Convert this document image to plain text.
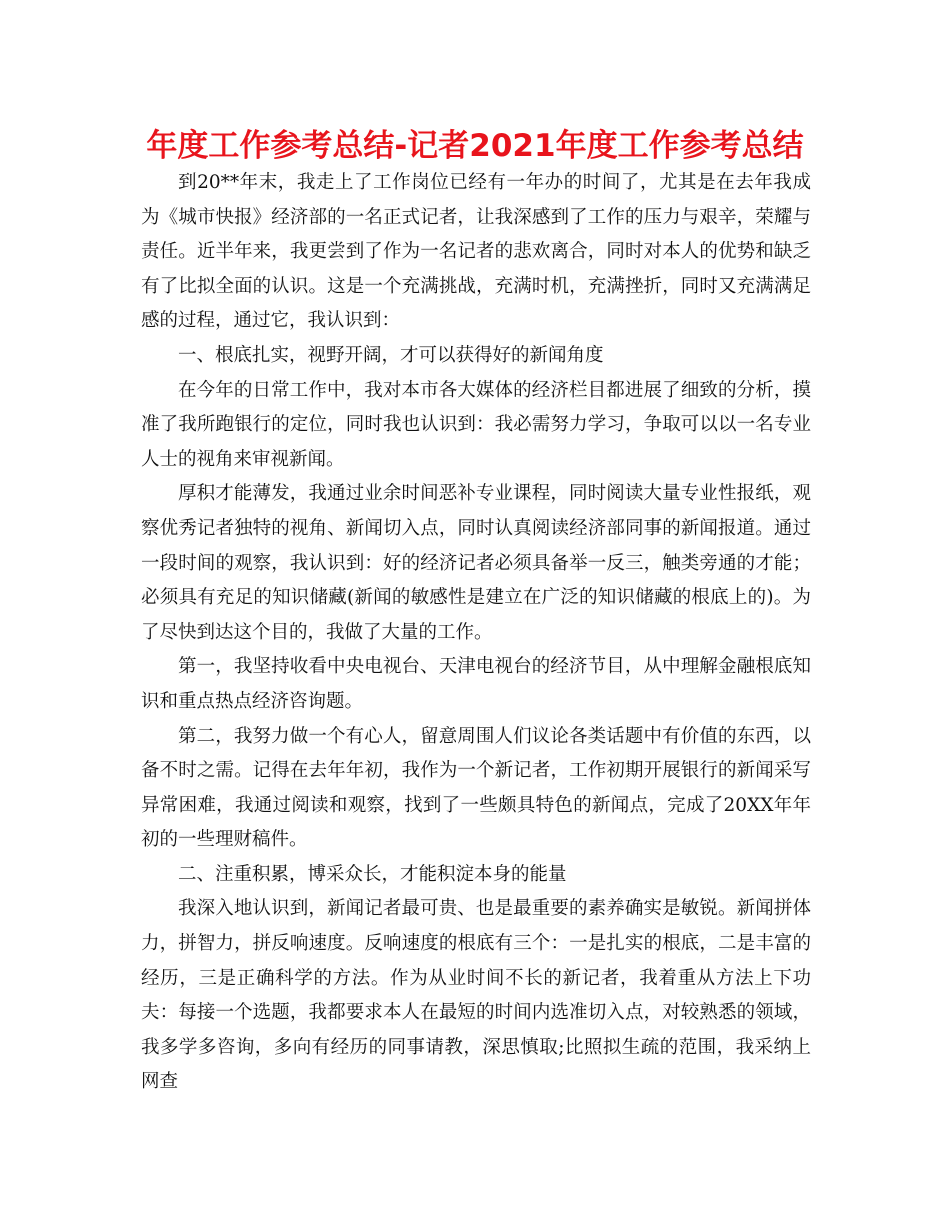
年度工作参考总结-记者2021年度工作参考总结

到20**年末，我走上了工作岗位已经有一年办的时间了，尤其是在去年我成为《城市快报》经济部的一名正式记者，让我深感到了工作的压力与艰辛，荣耀与责任。近半年来，我更尝到了作为一名记者的悲欢离合，同时对本人的优势和缺乏有了比拟全面的认识。这是一个充满挑战，充满时机，充满挫折，同时又充满满足感的过程，通过它，我认识到：

一、根底扎实，视野开阔，才可以获得好的新闻角度

在今年的日常工作中，我对本市各大媒体的经济栏目都进展了细致的分析，摸准了我所跑银行的定位，同时我也认识到：我必需努力学习，争取可以以一名专业人士的视角来审视新闻。

厚积才能薄发，我通过业余时间恶补专业课程，同时阅读大量专业性报纸，观察优秀记者独特的视角、新闻切入点，同时认真阅读经济部同事的新闻报道。通过一段时间的观察，我认识到：好的经济记者必须具备举一反三，触类旁通的才能；必须具有充足的知识储藏(新闻的敏感性是建立在广泛的知识储藏的根底上的)。为了尽快到达这个目的，我做了大量的工作。

第一，我坚持收看中央电视台、天津电视台的经济节目，从中理解金融根底知识和重点热点经济咨询题。

第二，我努力做一个有心人，留意周围人们议论各类话题中有价值的东西，以备不时之需。记得在去年年初，我作为一个新记者，工作初期开展银行的新闻采写异常困难，我通过阅读和观察，找到了一些颇具特色的新闻点，完成了20XX年年初的一些理财稿件。

二、注重积累，博采众长，才能积淀本身的能量

我深入地认识到，新闻记者最可贵、也是最重要的素养确实是敏锐。新闻拼体力，拼智力，拼反响速度。反响速度的根底有三个：一是扎实的根底，二是丰富的经历，三是正确科学的方法。作为从业时间不长的新记者，我着重从方法上下功夫：每接一个选题，我都要求本人在最短的时间内选准切入点，对较熟悉的领域，我多学多咨询，多向有经历的同事请教，深思慎取;比照拟生疏的范围，我采纳上网查
